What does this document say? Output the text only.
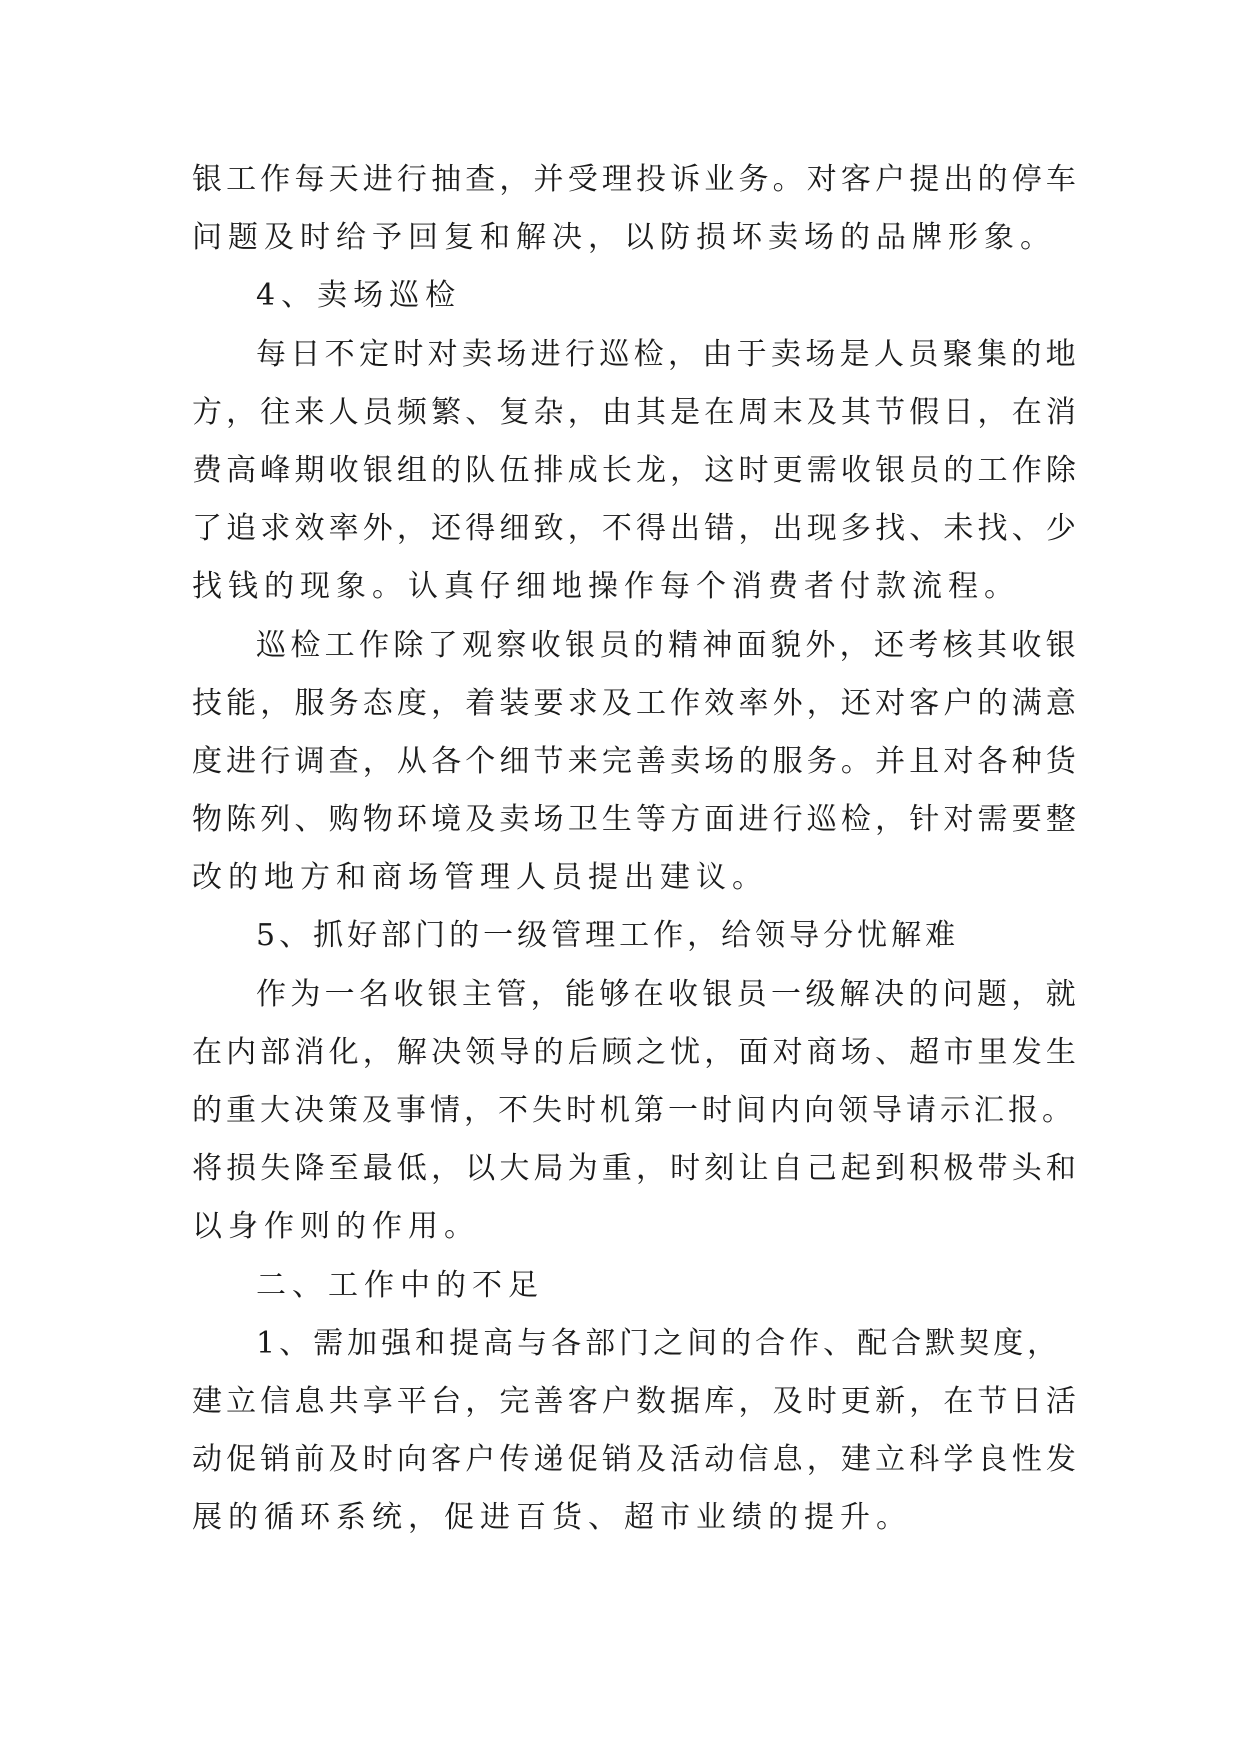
银工作每天进行抽查，并受理投诉业务。对客户提出的停车
问题及时给予回复和解决，以防损坏卖场的品牌形象。
4、卖场巡检
每日不定时对卖场进行巡检，由于卖场是人员聚集的地
方，往来人员频繁、复杂，由其是在周末及其节假日，在消
费高峰期收银组的队伍排成长龙，这时更需收银员的工作除
了追求效率外，还得细致，不得出错，出现多找、未找、少
找钱的现象。认真仔细地操作每个消费者付款流程。
巡检工作除了观察收银员的精神面貌外，还考核其收银
技能，服务态度，着装要求及工作效率外，还对客户的满意
度进行调查，从各个细节来完善卖场的服务。并且对各种货
物陈列、购物环境及卖场卫生等方面进行巡检，针对需要整
改的地方和商场管理人员提出建议。
5、抓好部门的一级管理工作，给领导分忧解难
作为一名收银主管，能够在收银员一级解决的问题，就
在内部消化，解决领导的后顾之忧，面对商场、超市里发生
的重大决策及事情，不失时机第一时间内向领导请示汇报。
将损失降至最低，以大局为重，时刻让自己起到积极带头和
以身作则的作用。
二、工作中的不足
1、需加强和提高与各部门之间的合作、配合默契度，
建立信息共享平台，完善客户数据库，及时更新，在节日活
动促销前及时向客户传递促销及活动信息，建立科学良性发
展的循环系统，促进百货、超市业绩的提升。
